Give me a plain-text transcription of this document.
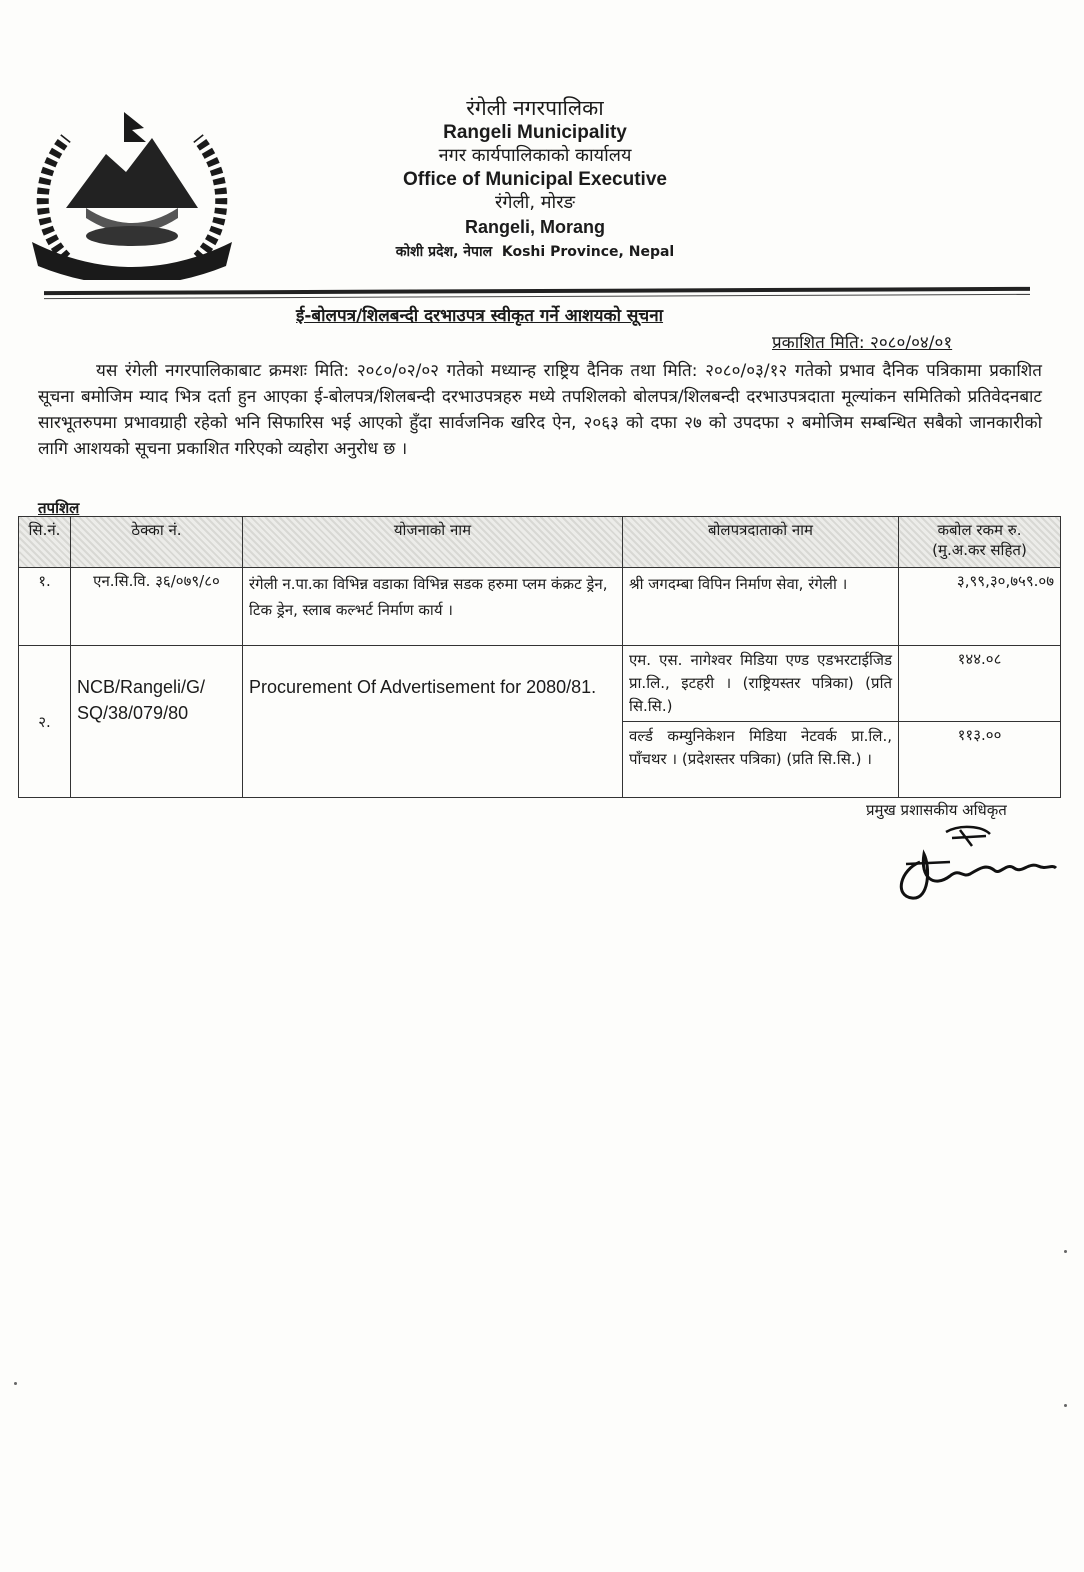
रंगेली नगरपालिका
Rangeli Municipality
नगर कार्यपालिकाको कार्यालय
Office of Municipal Executive
रंगेली, मोरङ
Rangeli, Morang
कोशी प्रदेश, नेपाल Koshi Province, Nepal
ई-बोलपत्र/शिलबन्दी दरभाउपत्र स्वीकृत गर्ने आशयको सूचना
प्रकाशित मिति: २०८०/०४/०१
यस रंगेली नगरपालिकाबाट क्रमशः मिति: २०८०/०२/०२ गतेको मध्यान्ह राष्ट्रिय दैनिक तथा मिति: २०८०/०३/१२ गतेको प्रभाव दैनिक पत्रिकामा प्रकाशित सूचना बमोजिम म्याद भित्र दर्ता हुन आएका ई-बोलपत्र/शिलबन्दी दरभाउपत्रहरु मध्ये तपशिलको बोलपत्र/शिलबन्दी दरभाउपत्रदाता मूल्यांकन समितिको प्रतिवेदनबाट सारभूतरुपमा प्रभावग्राही रहेको भनि सिफारिस भई आएको हुँदा सार्वजनिक खरिद ऐन, २०६३ को दफा २७ को उपदफा २ बमोजिम सम्बन्धित सबैको जानकारीको लागि आशयको सूचना प्रकाशित गरिएको व्यहोरा अनुरोध छ ।
तपशिल
सि.नं.	ठेक्का नं.	योजनाको नाम	बोलपत्रदाताको नाम	कबोल रकम रु.
(मु.अ.कर सहित)

१.	एन.सि.वि. ३६/०७९/८०	रंगेली न.पा.का विभिन्न वडाका विभिन्न सडक हरुमा प्लम कंक्रट ड्रेन, टिक ड्रेन, स्लाब कल्भर्ट निर्माण कार्य ।	श्री जगदम्बा विपिन निर्माण सेवा, रंगेली ।	३,९९,३०,७५९.०७
२.	NCB/Rangeli/G/ SQ/38/079/80	Procurement Of Advertisement for 2080/81.	एम. एस. नागेश्वर मिडिया एण्ड एडभरटाईजिड प्रा.लि., इटहरी । (राष्ट्रियस्तर पत्रिका) (प्रति सि.सि.)	१४४.०८
			वर्ल्ड कम्युनिकेशन मिडिया नेटवर्क प्रा.लि., पाँचथर । (प्रदेशस्तर पत्रिका) (प्रति सि.सि.) ।	११३.००
प्रमुख प्रशासकीय अधिकृत
